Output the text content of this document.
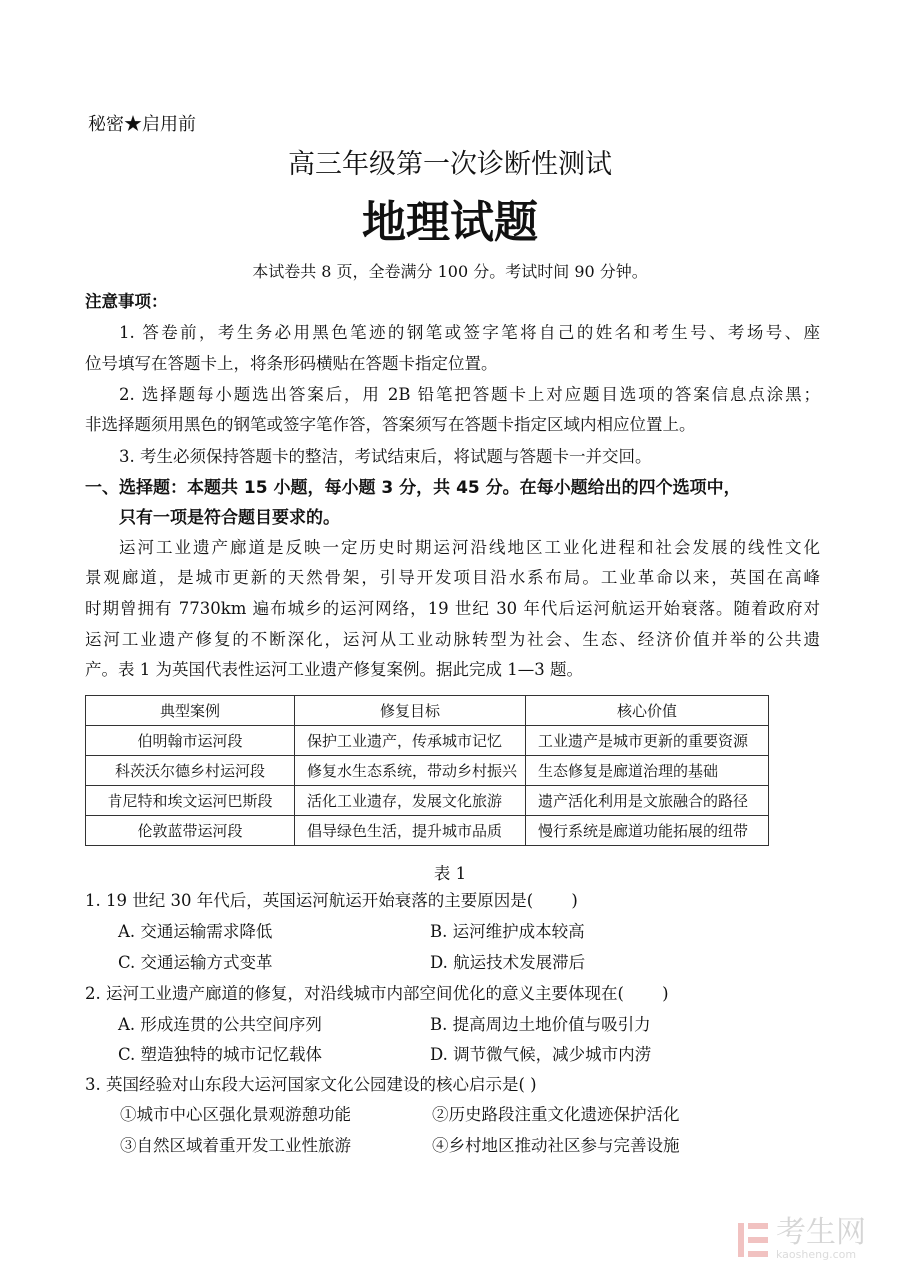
秘密★启用前
高三年级第一次诊断性测试
地理试题
本试卷共 8 页，全卷满分 100 分。考试时间 90 分钟。
注意事项：
1. 答卷前，考生务必用黑色笔迹的钢笔或签字笔将自己的姓名和考生号、考场号、座
位号填写在答题卡上，将条形码横贴在答题卡指定位置。
2. 选择题每小题选出答案后，用 2B 铅笔把答题卡上对应题目选项的答案信息点涂黑；
非选择题须用黑色的钢笔或签字笔作答，答案须写在答题卡指定区域内相应位置上。
3. 考生必须保持答题卡的整洁，考试结束后，将试题与答题卡一并交回。
一、选择题：本题共 15 小题，每小题 3 分，共 45 分。在每小题给出的四个选项中，
只有一项是符合题目要求的。
运河工业遗产廊道是反映一定历史时期运河沿线地区工业化进程和社会发展的线性文化
景观廊道，是城市更新的天然骨架，引导开发项目沿水系布局。工业革命以来，英国在高峰
时期曾拥有 7730km 遍布城乡的运河网络，19 世纪 30 年代后运河航运开始衰落。随着政府对
运河工业遗产修复的不断深化，运河从工业动脉转型为社会、生态、经济价值并举的公共遗
产。表 1 为英国代表性运河工业遗产修复案例。据此完成 1—3 题。
典型案例	修复目标	核心价值
伯明翰市运河段	保护工业遗产，传承城市记忆	工业遗产是城市更新的重要资源
科茨沃尔德乡村运河段	修复水生态系统，带动乡村振兴	生态修复是廊道治理的基础
肯尼特和埃文运河巴斯段	活化工业遗存，发展文化旅游	遗产活化利用是文旅融合的路径
伦敦蓝带运河段	倡导绿色生活，提升城市品质	慢行系统是廊道功能拓展的纽带
表 1
1. 19 世纪 30 年代后，英国运河航运开始衰落的主要原因是(　　 )
A. 交通运输需求降低	B. 运河维护成本较高
C. 交通运输方式变革	D. 航运技术发展滞后
2. 运河工业遗产廊道的修复，对沿线城市内部空间优化的意义主要体现在(　　 )
A. 形成连贯的公共空间序列	B. 提高周边土地价值与吸引力
C. 塑造独特的城市记忆载体	D. 调节微气候，减少城市内涝
3. 英国经验对山东段大运河国家文化公园建设的核心启示是( )
①城市中心区强化景观游憩功能	②历史路段注重文化遗迹保护活化
③自然区域着重开发工业性旅游	④乡村地区推动社区参与完善设施
考生网
kaosheng.com
